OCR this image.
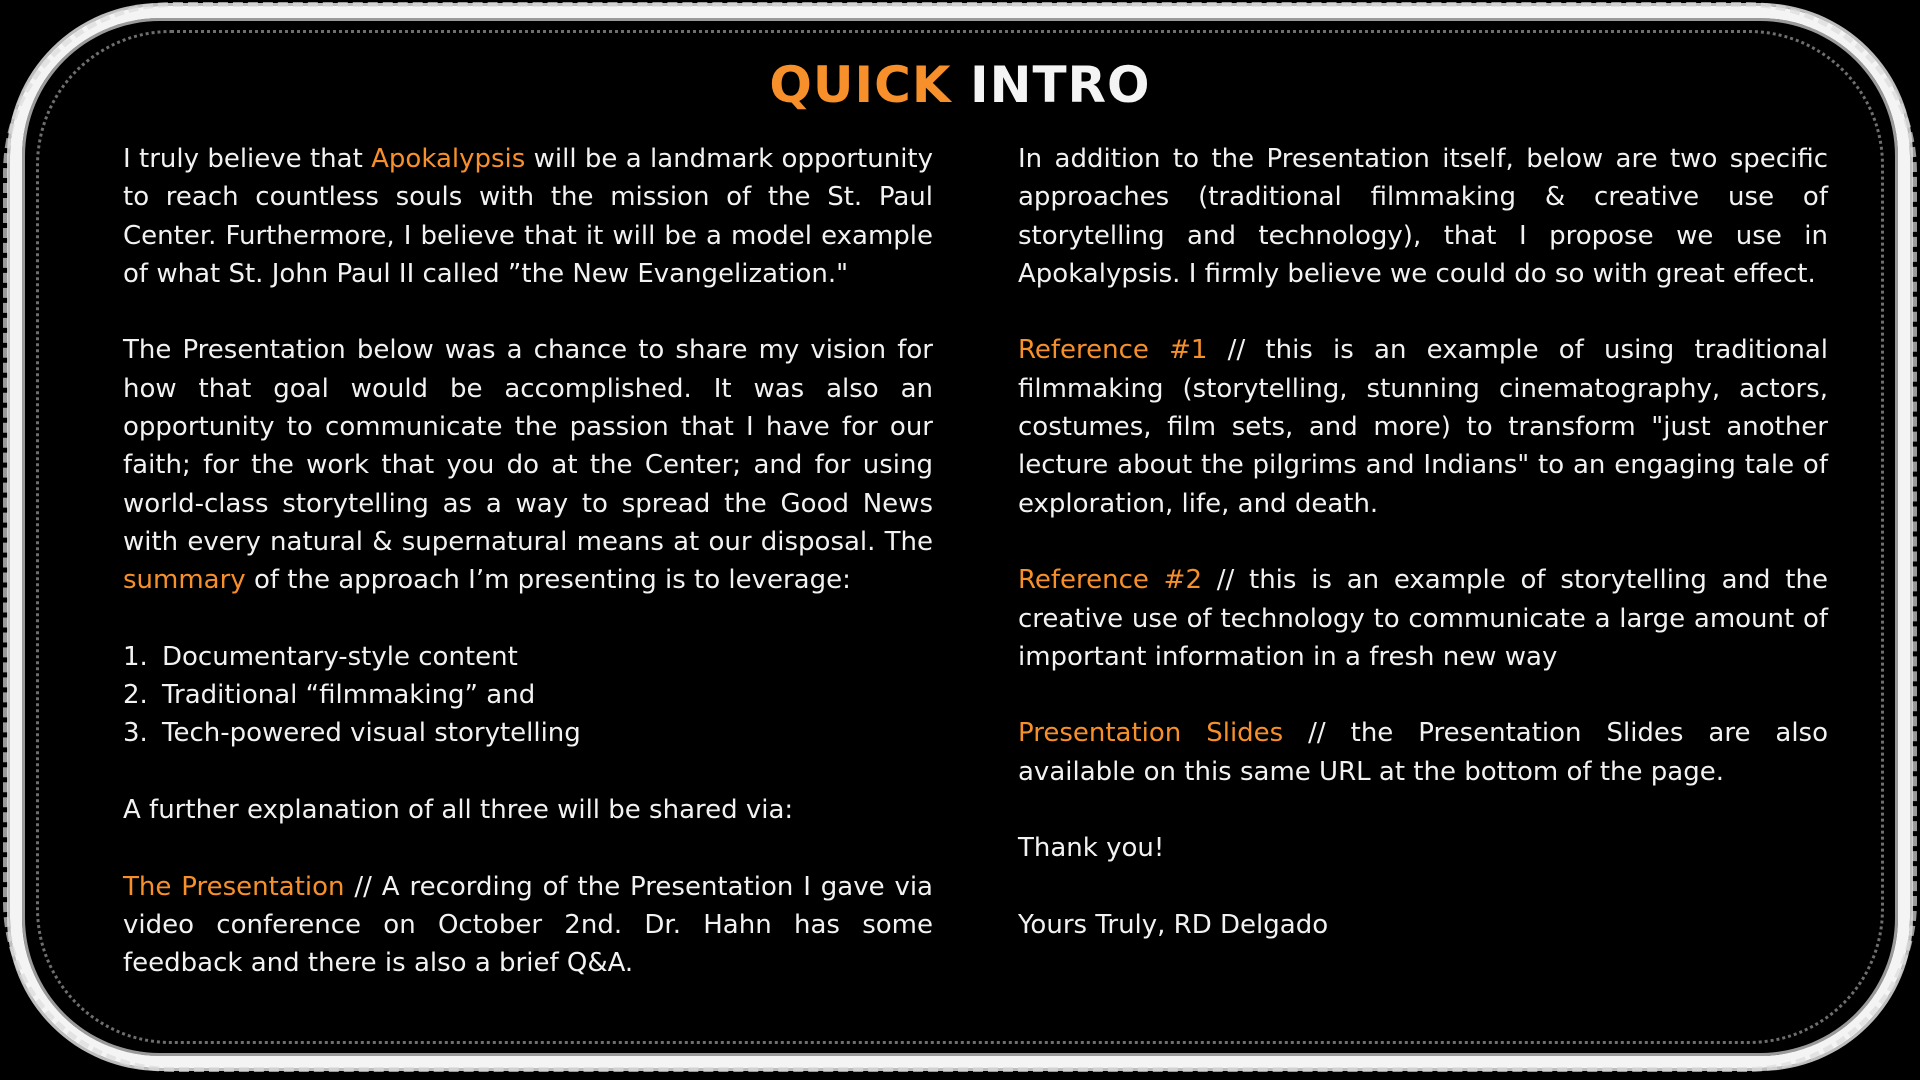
QUICK INTRO

I truly believe that Apokalypsis will be a landmark opportunity to reach countless souls with the mission of the St. Paul Center. Furthermore, I believe that it will be a model example of what St. John Paul II called ”the New Evangelization."

The Presentation below was a chance to share my vision for how that goal would be accomplished. It was also an opportunity to communicate the passion that I have for our faith; for the work that you do at the Center; and for using world-class storytelling as a way to spread the Good News with every natural & supernatural means at our disposal. The summary of the approach I’m presenting is to leverage:

1. Documentary-style content
2. Traditional “filmmaking” and
3. Tech-powered visual storytelling

A further explanation of all three will be shared via:

The Presentation // A recording of the Presentation I gave via video conference on October 2nd. Dr. Hahn has some feedback and there is also a brief Q&A.

In addition to the Presentation itself, below are two specific approaches (traditional filmmaking & creative use of storytelling and technology), that I propose we use in Apokalypsis. I firmly believe we could do so with great effect.

Reference #1 // this is an example of using traditional filmmaking (storytelling, stunning cinematography, actors, costumes, film sets, and more) to transform "just another lecture about the pilgrims and Indians" to an engaging tale of exploration, life, and death.

Reference #2 // this is an example of storytelling and the creative use of technology to communicate a large amount of important information in a fresh new way

Presentation Slides // the Presentation Slides are also available on this same URL at the bottom of the page.

Thank you!

Yours Truly, RD Delgado
